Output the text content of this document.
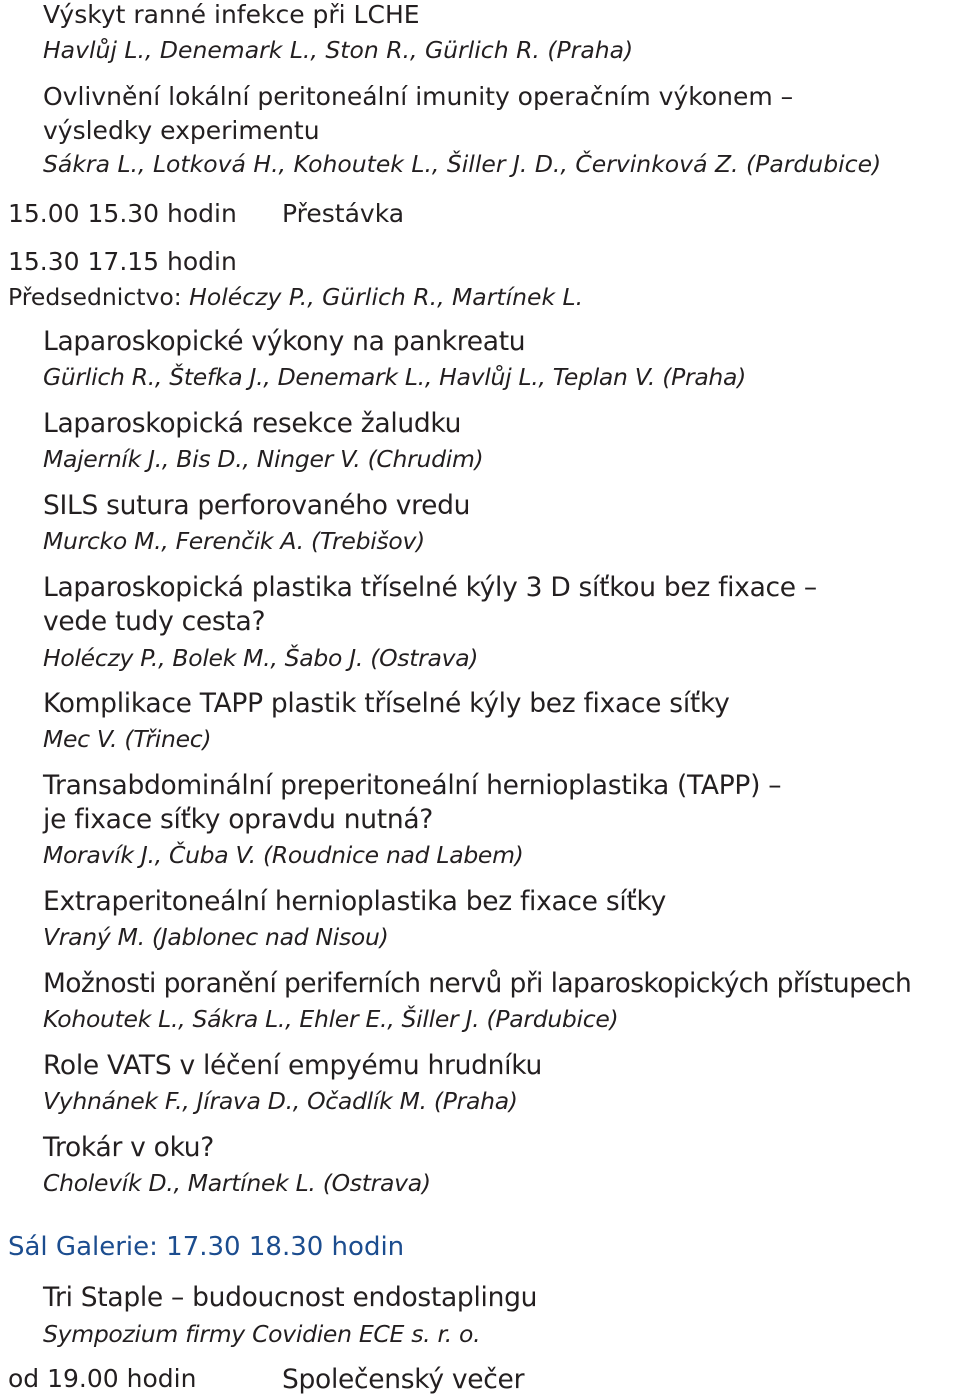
Výskyt ranné infekce při LCHE

Havlůj L., Denemark L., Ston R., Gürlich R. (Praha)

Ovlivnění lokální peritoneální imunity operačním výkonem –

výsledky experimentu

Sákra L., Lotková H., Kohoutek L., Šiller J. D., Červinková Z. (Pardubice)

15.00 15.30 hodin Přestávka

15.30 17.15 hodin

Předsednictvo: Holéczy P., Gürlich R., Martínek L.

Laparoskopické výkony na pankreatu

Gürlich R., Štefka J., Denemark L., Havlůj L., Teplan V. (Praha)

Laparoskopická resekce žaludku

Majerník J., Bis D., Ninger V. (Chrudim)

SILS sutura perforovaného vredu

Murcko M., Ferenčik A. (Trebišov)

Laparoskopická plastika tříselné kýly 3 D síťkou bez fixace –

vede tudy cesta?

Holéczy P., Bolek M., Šabo J. (Ostrava)

Komplikace TAPP plastik tříselné kýly bez fixace síťky

Mec V. (Třinec)

Transabdominální preperitoneální hernioplastika (TAPP) –

je fixace síťky opravdu nutná?

Moravík J., Čuba V. (Roudnice nad Labem)

Extraperitoneální hernioplastika bez fixace síťky

Vraný M. (Jablonec nad Nisou)

Možnosti poranění periferních nervů při laparoskopických přístupech

Kohoutek L., Sákra L., Ehler E., Šiller J. (Pardubice)

Role VATS v léčení empyému hrudníku

Vyhnánek F., Jírava D., Očadlík M. (Praha)

Trokár v oku?

Cholevík D., Martínek L. (Ostrava)

Sál Galerie: 17.30 18.30 hodin

Tri Staple – budoucnost endostaplingu

Sympozium firmy Covidien ECE s. r. o.

od 19.00 hodin	Společenský večer
